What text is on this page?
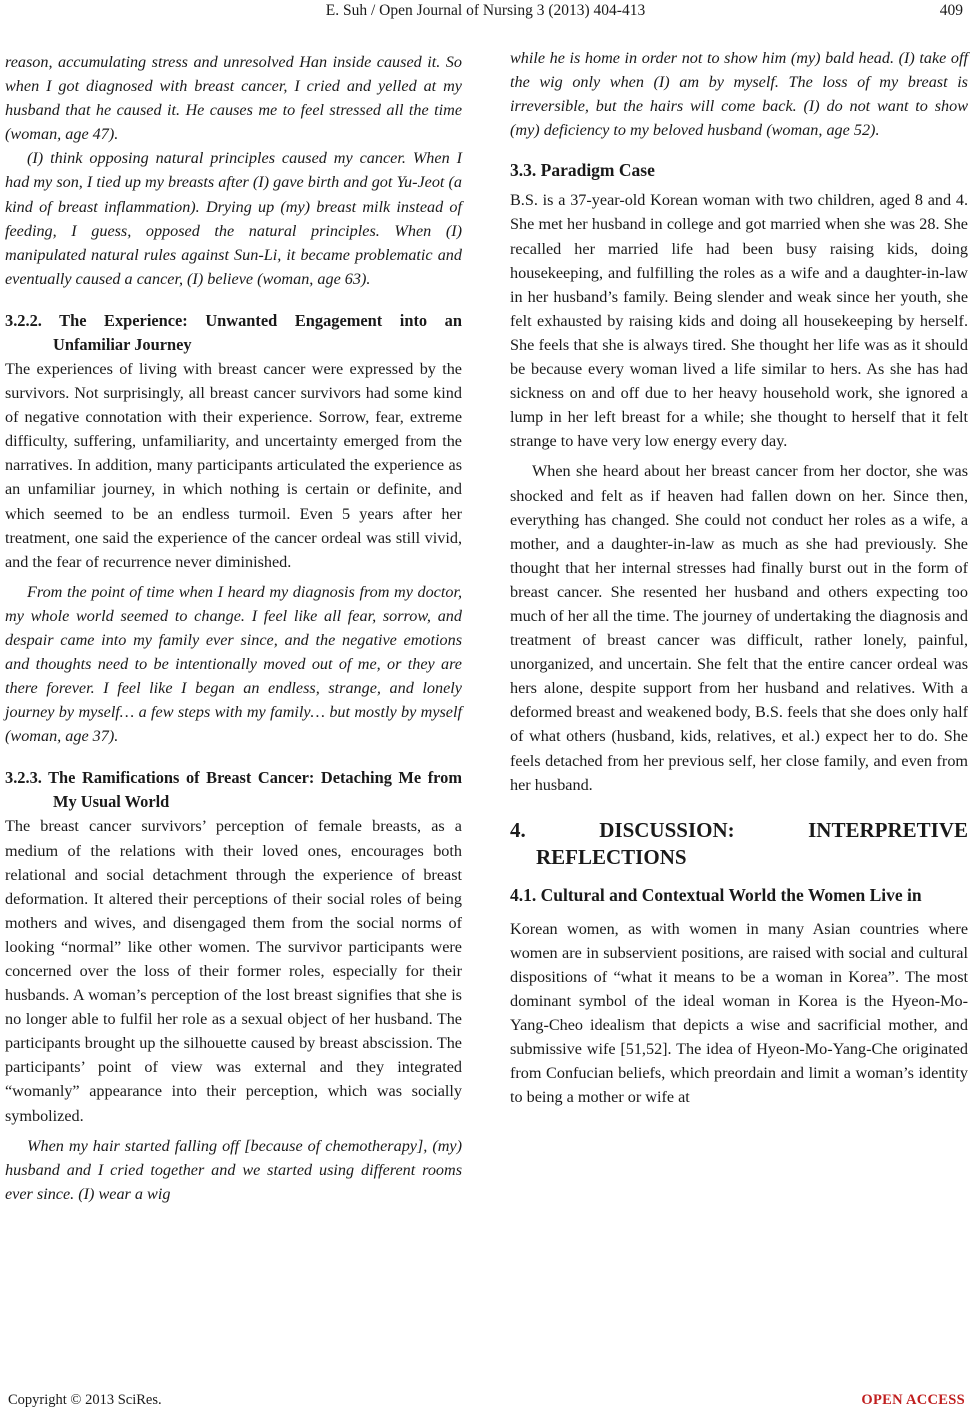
E. Suh / Open Journal of Nursing 3 (2013) 404-413	409

reason, accumulating stress and unresolved Han inside caused it. So when I got diagnosed with breast cancer, I cried and yelled at my husband that he caused it. He causes me to feel stressed all the time (woman, age 47).

(I) think opposing natural principles caused my cancer. When I had my son, I tied up my breasts after (I) gave birth and got Yu-Jeot (a kind of breast inflammation). Drying up (my) breast milk instead of feeding, I guess, opposed the natural principles. When (I) manipulated natural rules against Sun-Li, it became problematic and eventually caused a cancer, (I) believe (woman, age 63).

3.2.2. The Experience: Unwanted Engagement into an Unfamiliar Journey

The experiences of living with breast cancer were expressed by the survivors. Not surprisingly, all breast cancer survivors had some kind of negative connotation with their experience. Sorrow, fear, extreme difficulty, suffering, unfamiliarity, and uncertainty emerged from the narratives. In addition, many participants articulated the experience as an unfamiliar journey, in which nothing is certain or definite, and which seemed to be an endless turmoil. Even 5 years after her treatment, one said the experience of the cancer ordeal was still vivid, and the fear of recurrence never diminished.

From the point of time when I heard my diagnosis from my doctor, my whole world seemed to change. I feel like all fear, sorrow, and despair came into my family ever since, and the negative emotions and thoughts need to be intentionally moved out of me, or they are there forever. I feel like I began an endless, strange, and lonely journey by myself… a few steps with my family… but mostly by myself (woman, age 37).

3.2.3. The Ramifications of Breast Cancer: Detaching Me from My Usual World

The breast cancer survivors’ perception of female breasts, as a medium of the relations with their loved ones, encourages both relational and social detachment through the experience of breast deformation. It altered their perceptions of their social roles of being mothers and wives, and disengaged them from the social norms of looking “normal” like other women. The survivor participants were concerned over the loss of their former roles, especially for their husbands. A woman’s perception of the lost breast signifies that she is no longer able to fulfil her role as a sexual object of her husband. The participants brought up the silhouette caused by breast abscission. The participants’ point of view was external and they integrated “womanly” appearance into their perception, which was socially symbolized.

When my hair started falling off [because of chemotherapy], (my) husband and I cried together and we started using different rooms ever since. (I) wear a wig

while he is home in order not to show him (my) bald head. (I) take off the wig only when (I) am by myself. The loss of my breast is irreversible, but the hairs will come back. (I) do not want to show (my) deficiency to my beloved husband (woman, age 52).

3.3. Paradigm Case

B.S. is a 37-year-old Korean woman with two children, aged 8 and 4. She met her husband in college and got married when she was 28. She recalled her married life had been busy raising kids, doing housekeeping, and fulfilling the roles as a wife and a daughter-in-law in her husband’s family. Being slender and weak since her youth, she felt exhausted by raising kids and doing all housekeeping by herself. She feels that she is always tired. She thought her life was as it should be because every woman lived a life similar to hers. As she has had sickness on and off due to her heavy household work, she ignored a lump in her left breast for a while; she thought to herself that it felt strange to have very low energy every day.

When she heard about her breast cancer from her doctor, she was shocked and felt as if heaven had fallen down on her. Since then, everything has changed. She could not conduct her roles as a wife, a mother, and a daughter-in-law as much as she had previously. She thought that her internal stresses had finally burst out in the form of breast cancer. She resented her husband and others expecting too much of her all the time. The journey of undertaking the diagnosis and treatment of breast cancer was difficult, rather lonely, painful, unorganized, and uncertain. She felt that the entire cancer ordeal was hers alone, despite support from her husband and relatives. With a deformed breast and weakened body, B.S. feels that she does only half of what others (husband, kids, relatives, et al.) expect her to do. She feels detached from her previous self, her close family, and even from her husband.

4. DISCUSSION: INTERPRETIVE REFLECTIONS
4.1. Cultural and Contextual World the Women Live in

Korean women, as with women in many Asian countries where women are in subservient positions, are raised with social and cultural dispositions of “what it means to be a woman in Korea”. The most dominant symbol of the ideal woman in Korea is the Hyeon-Mo-Yang-Cheo idealism that depicts a wise and sacrificial mother, and submissive wife [51,52]. The idea of Hyeon-Mo-Yang-Che originated from Confucian beliefs, which preordain and limit a woman’s identity to being a mother or wife at

Copyright © 2013 SciRes.	OPEN ACCESS
